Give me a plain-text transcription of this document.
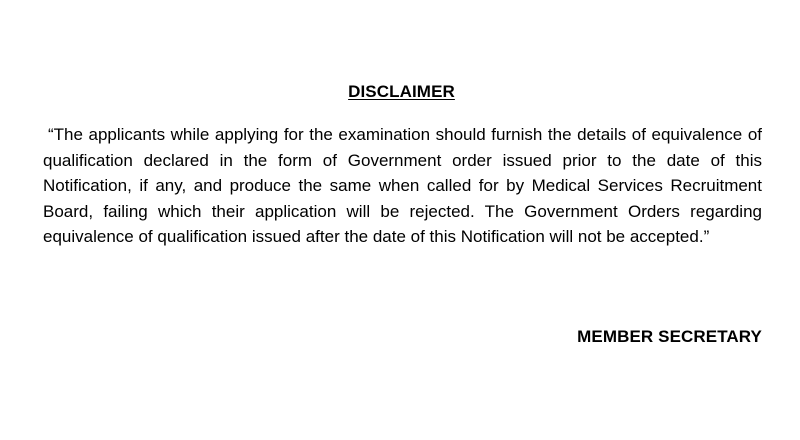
DISCLAIMER

“The applicants while applying for the examination should furnish the details of equivalence of qualification declared in the form of Government order issued prior to the date of this Notification, if any, and produce the same when called for by Medical Services Recruitment Board, failing which their application will be rejected. The Government Orders regarding equivalence of qualification issued after the date of this Notification will not be accepted.”

MEMBER SECRETARY
